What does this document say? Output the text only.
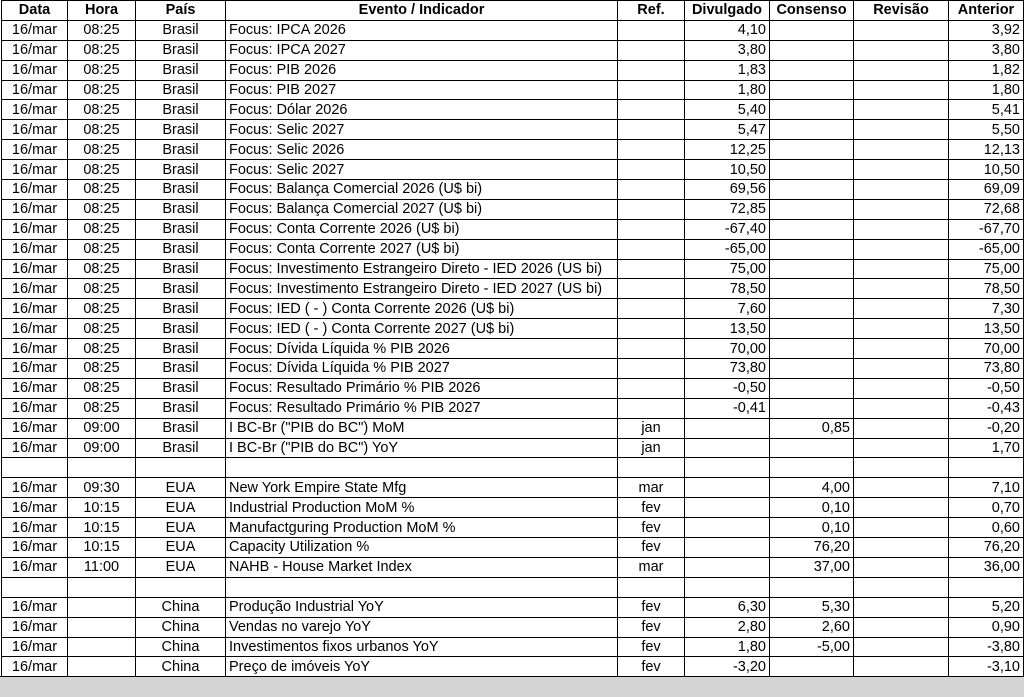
Data	Hora	País	Evento / Indicador	Ref.	Divulgado	Consenso	Revisão	Anterior
16/mar	08:25	Brasil	Focus: IPCA 2026		4,10			3,92
16/mar	08:25	Brasil	Focus: IPCA 2027		3,80			3,80
16/mar	08:25	Brasil	Focus: PIB 2026		1,83			1,82
16/mar	08:25	Brasil	Focus: PIB 2027		1,80			1,80
16/mar	08:25	Brasil	Focus: Dólar 2026		5,40			5,41
16/mar	08:25	Brasil	Focus: Selic 2027		5,47			5,50
16/mar	08:25	Brasil	Focus: Selic 2026		12,25			12,13
16/mar	08:25	Brasil	Focus: Selic 2027		10,50			10,50
16/mar	08:25	Brasil	Focus: Balança Comercial 2026 (U$ bi)		69,56			69,09
16/mar	08:25	Brasil	Focus: Balança Comercial 2027 (U$ bi)		72,85			72,68
16/mar	08:25	Brasil	Focus: Conta Corrente 2026 (U$ bi)		-67,40			-67,70
16/mar	08:25	Brasil	Focus: Conta Corrente 2027 (U$ bi)		-65,00			-65,00
16/mar	08:25	Brasil	Focus: Investimento Estrangeiro Direto - IED 2026 (US bi)		75,00			75,00
16/mar	08:25	Brasil	Focus: Investimento Estrangeiro Direto - IED 2027 (US bi)		78,50			78,50
16/mar	08:25	Brasil	Focus: IED ( - ) Conta Corrente 2026 (U$ bi)		7,60			7,30
16/mar	08:25	Brasil	Focus: IED ( - ) Conta Corrente 2027 (U$ bi)		13,50			13,50
16/mar	08:25	Brasil	Focus: Dívida Líquida % PIB 2026		70,00			70,00
16/mar	08:25	Brasil	Focus: Dívida Líquida % PIB 2027		73,80			73,80
16/mar	08:25	Brasil	Focus: Resultado Primário % PIB 2026		-0,50			-0,50
16/mar	08:25	Brasil	Focus: Resultado Primário % PIB 2027		-0,41			-0,43
16/mar	09:00	Brasil	I BC-Br ("PIB do BC") MoM	jan		0,85		-0,20
16/mar	09:00	Brasil	I BC-Br ("PIB do BC") YoY	jan				1,70

16/mar	09:30	EUA	New York Empire State Mfg	mar		4,00		7,10
16/mar	10:15	EUA	Industrial Production MoM %	fev		0,10		0,70
16/mar	10:15	EUA	Manufactguring Production MoM %	fev		0,10		0,60
16/mar	10:15	EUA	Capacity Utilization %	fev		76,20		76,20
16/mar	11:00	EUA	NAHB - House Market Index	mar		37,00		36,00

16/mar		China	Produção Industrial YoY	fev	6,30	5,30		5,20
16/mar		China	Vendas no varejo YoY	fev	2,80	2,60		0,90
16/mar		China	Investimentos fixos urbanos YoY	fev	1,80	-5,00		-3,80
16/mar		China	Preço de imóveis YoY	fev	-3,20			-3,10
